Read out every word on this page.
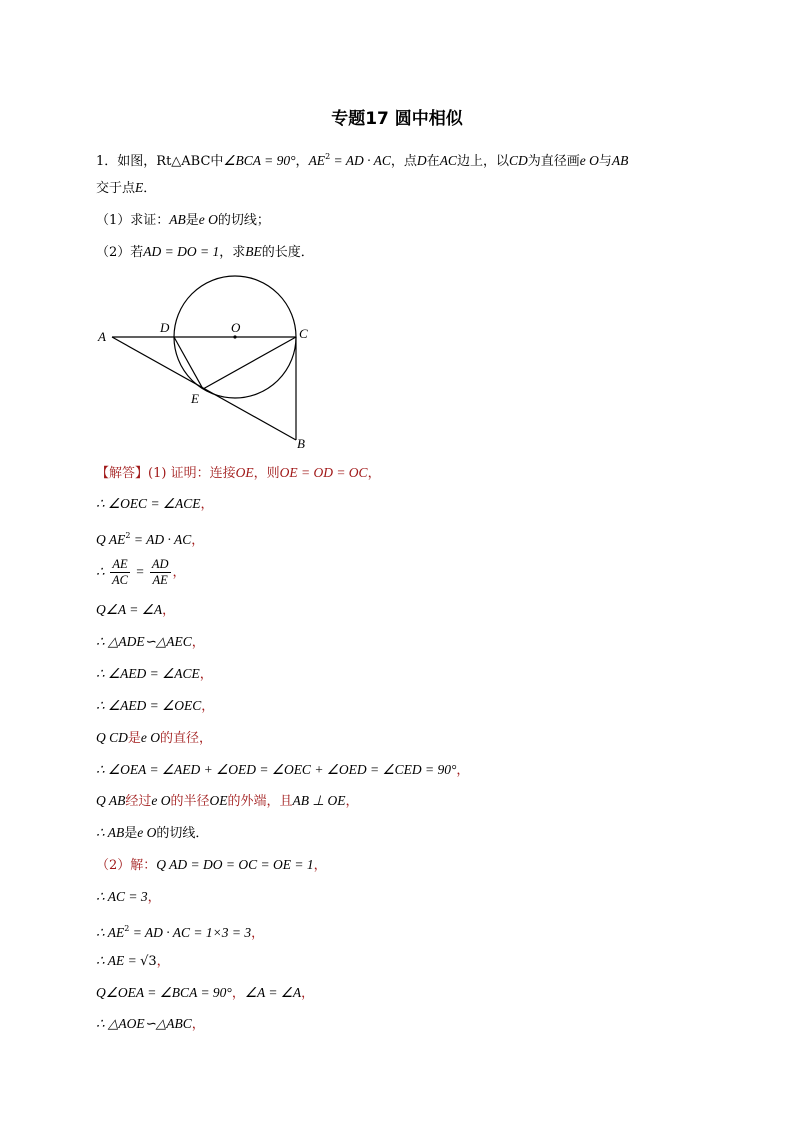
专题17 圆中相似
1．如图，Rt△ABC中∠BCA = 90°，$AE^2$ = AD · AC，点D在AC边上，以CD为直径画e O与AB
交于点E．
（1）求证：AB是e O的切线；
（2）若AD = DO = 1，求BE的长度．
A
D	O	C
E
B
【解答】(1) 证明：连接OE，则OE = OD = OC，
∴ ∠OEC = ∠ACE，
Q $AE^2$ = AD · AC，
∴ $\frac{AE}{AC} = \frac{AD}{AE}$ ，
Q∠A = ∠A，
∴ △ADE∽△AEC，
∴ ∠AED = ∠ACE，
∴ ∠AED = ∠OEC，
Q CD是e O的直径，
∴ ∠OEA = ∠AED + ∠OED = ∠OEC + ∠OED = ∠CED = 90°，
Q AB经过e O的半径OE的外端，且AB ⊥ OE，
∴ AB是e O的切线．
（2）解：Q AD = DO = OC = OE = 1，
∴ AC = 3，
∴ $AE^2$ = AD · AC = 1×3 = 3，
∴ AE = √3，
Q∠OEA = ∠BCA = 90°，∠A = ∠A，
∴ △AOE∽△ABC，
